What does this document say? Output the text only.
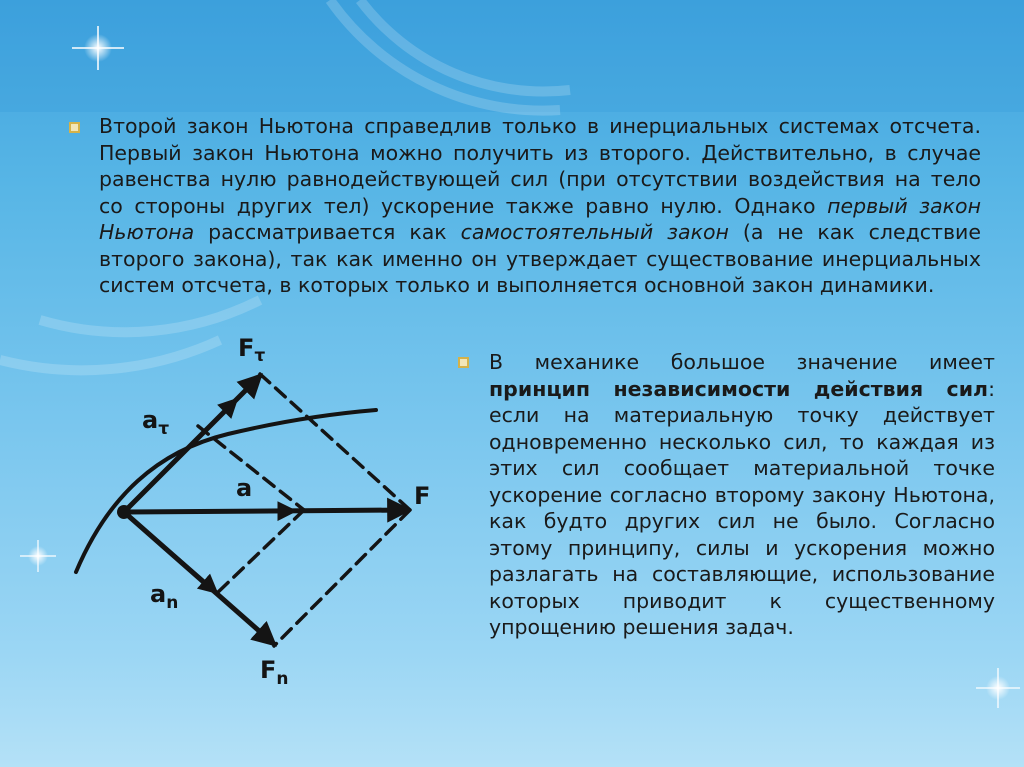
Второй закон Ньютона справедлив только в инерциальных системах отсчета. Первый закон Ньютона можно получить из второго. Действительно, в случае равенства нулю равнодействующей сил (при отсутствии воздействия на тело со стороны других тел) ускорение также равно нулю. Однако первый закон Ньютона рассматривается как самостоятельный закон (а не как следствие второго закона), так как именно он утверждает существование инерциальных систем отсчета, в которых только и выполняется основной закон динамики.

В механике большое значение имеет принцип независимости действия сил: если на материальную точку действует одновременно несколько сил, то каждая из этих сил сообщает материальной точке ускорение согласно второму закону Ньютона, как будто других сил не было. Согласно этому принципу, силы и ускорения можно разлагать на составляющие, использование которых приводит к существенному упрощению решения задач.

$F_\tau$
$a_\tau$
a	F
$a_n$
$F_n$
